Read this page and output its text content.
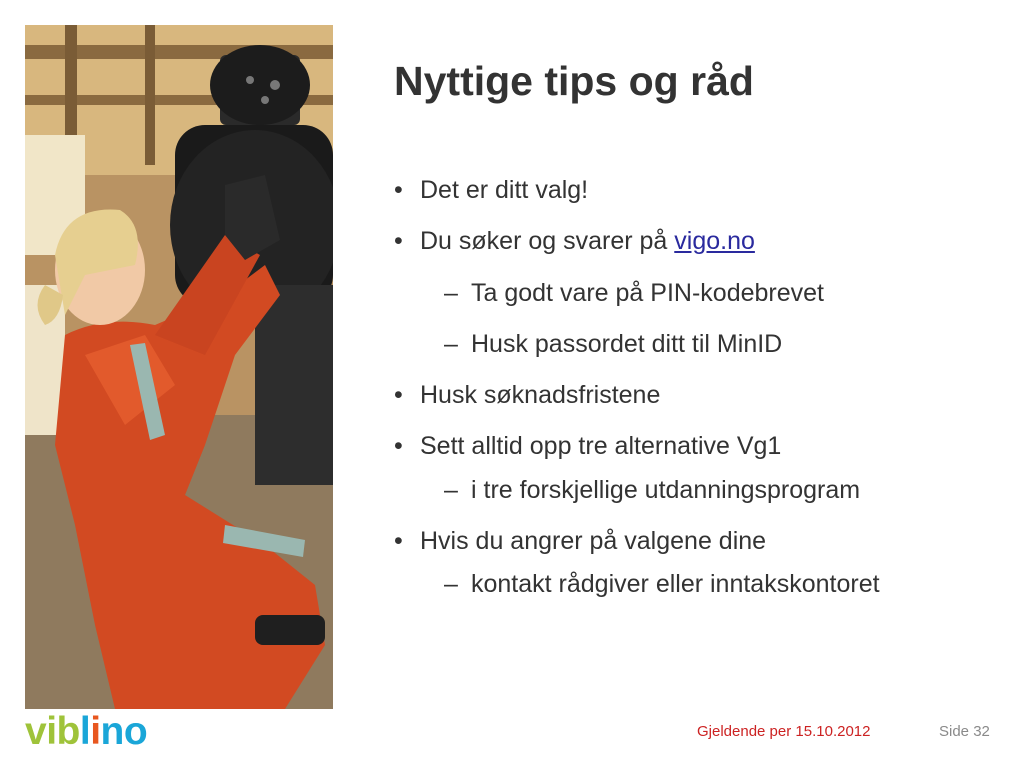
Nyttige tips og råd
• Det er ditt valg!
• Du søker og svarer på vigo.no
– Ta godt vare på PIN-kodebrevet
– Husk passordet ditt til MinID
• Husk søknadsfristene
• Sett alltid opp tre alternative Vg1
– i tre forskjellige utdanningsprogram
• Hvis du angrer på valgene dine
– kontakt rådgiver eller inntakskontoret
viblino	Gjeldende per 15.10.2012	Side 32
